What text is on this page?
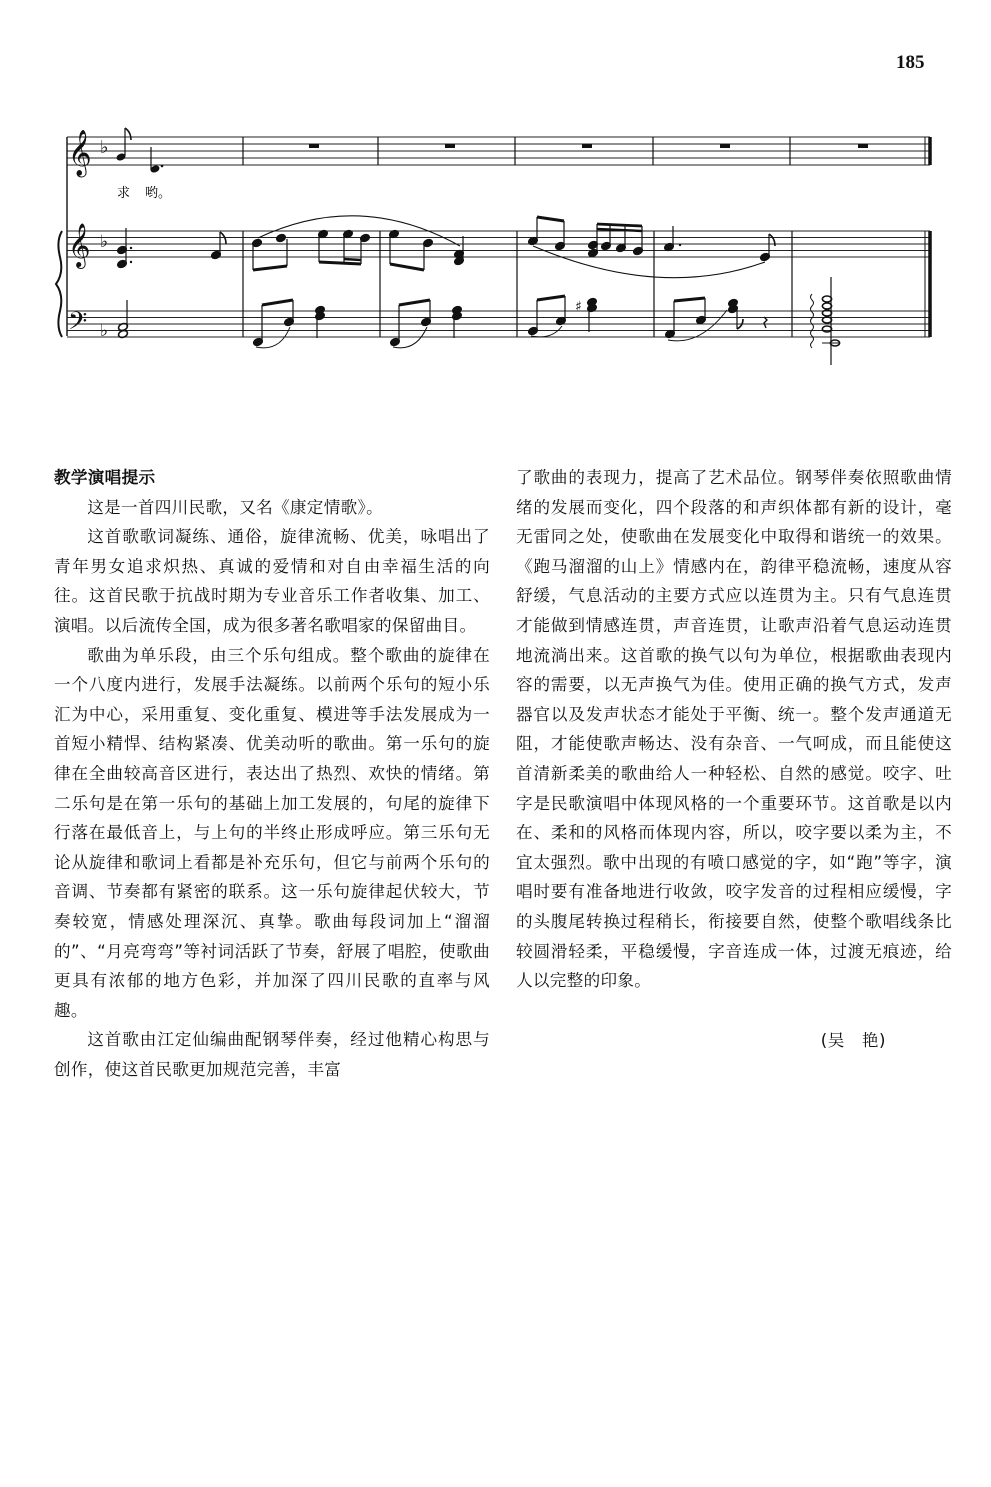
185
𝄞 ♭
求 哟。
𝄞 ♭
𝄢 ♭
♯
教学演唱提示

这是一首四川民歌，又名《康定情歌》。

这首歌歌词凝练、通俗，旋律流畅、优美，咏唱出了青年男女追求炽热、真诚的爱情和对自由幸福生活的向往。这首民歌于抗战时期为专业音乐工作者收集、加工、演唱。以后流传全国，成为很多著名歌唱家的保留曲目。

歌曲为单乐段，由三个乐句组成。整个歌曲的旋律在一个八度内进行，发展手法凝练。以前两个乐句的短小乐汇为中心，采用重复、变化重复、模进等手法发展成为一首短小精悍、结构紧凑、优美动听的歌曲。第一乐句的旋律在全曲较高音区进行，表达出了热烈、欢快的情绪。第二乐句是在第一乐句的基础上加工发展的，句尾的旋律下行落在最低音上，与上句的半终止形成呼应。第三乐句无论从旋律和歌词上看都是补充乐句，但它与前两个乐句的音调、节奏都有紧密的联系。这一乐句旋律起伏较大，节奏较宽，情感处理深沉、真挚。歌曲每段词加上“溜溜的”、“月亮弯弯”等衬词活跃了节奏，舒展了唱腔，使歌曲更具有浓郁的地方色彩，并加深了四川民歌的直率与风趣。

这首歌由江定仙编曲配钢琴伴奏，经过他精心构思与创作，使这首民歌更加规范完善，丰富

了歌曲的表现力，提高了艺术品位。钢琴伴奏依照歌曲情绪的发展而变化，四个段落的和声织体都有新的设计，毫无雷同之处，使歌曲在发展变化中取得和谐统一的效果。《跑马溜溜的山上》情感内在，韵律平稳流畅，速度从容舒缓，气息活动的主要方式应以连贯为主。只有气息连贯才能做到情感连贯，声音连贯，让歌声沿着气息运动连贯地流淌出来。这首歌的换气以句为单位，根据歌曲表现内容的需要，以无声换气为佳。使用正确的换气方式，发声器官以及发声状态才能处于平衡、统一。整个发声通道无阻，才能使歌声畅达、没有杂音、一气呵成，而且能使这首清新柔美的歌曲给人一种轻松、自然的感觉。咬字、吐字是民歌演唱中体现风格的一个重要环节。这首歌是以内在、柔和的风格而体现内容，所以，咬字要以柔为主，不宜太强烈。歌中出现的有喷口感觉的字，如“跑”等字，演唱时要有准备地进行收敛，咬字发音的过程相应缓慢，字的头腹尾转换过程稍长，衔接要自然，使整个歌唱线条比较圆滑轻柔，平稳缓慢，字音连成一体，过渡无痕迹，给人以完整的印象。

(吴　艳)
